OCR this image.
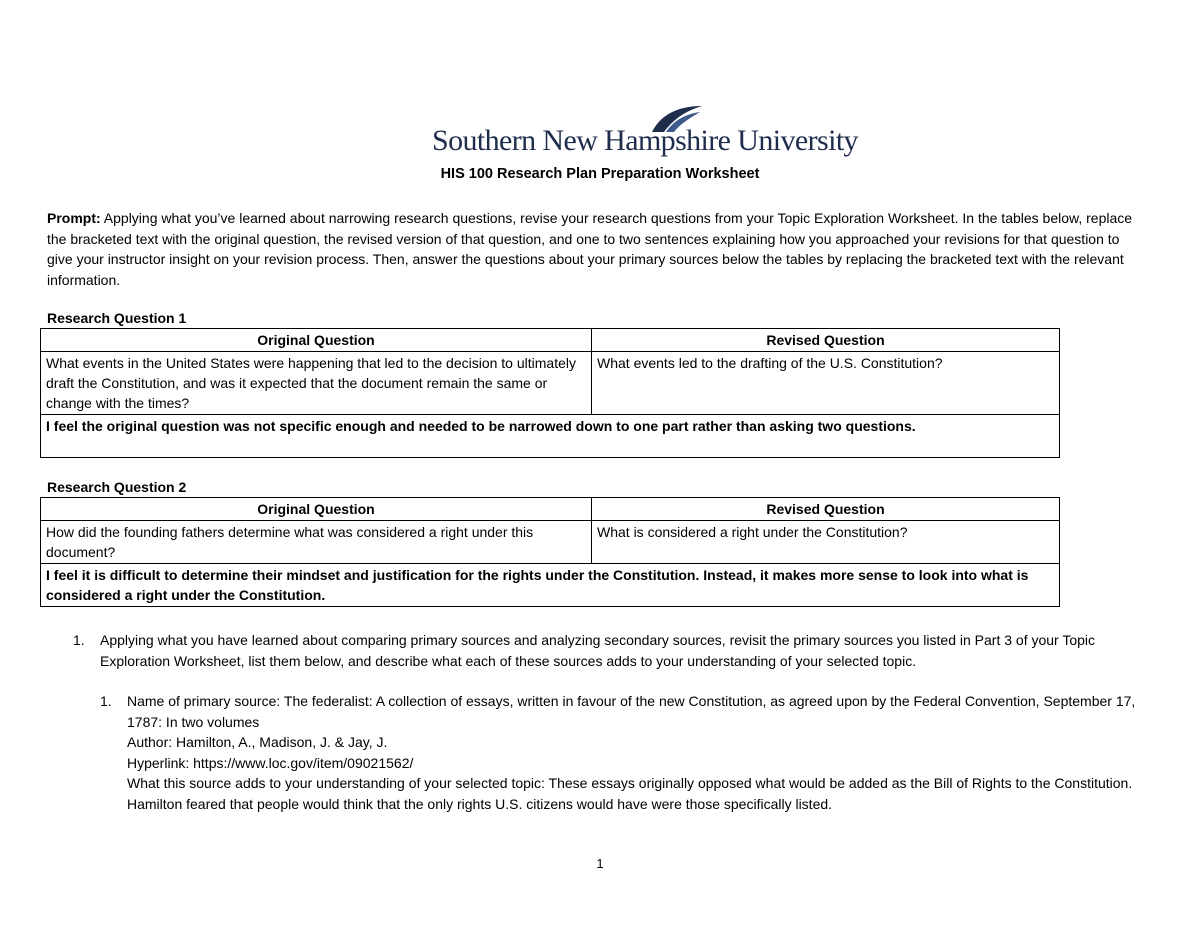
Southern New Hampshire University
HIS 100 Research Plan Preparation Worksheet
Prompt: Applying what you’ve learned about narrowing research questions, revise your research questions from your Topic Exploration Worksheet. In the tables below, replace the bracketed text with the original question, the revised version of that question, and one to two sentences explaining how you approached your revisions for that question to give your instructor insight on your revision process. Then, answer the questions about your primary sources below the tables by replacing the bracketed text with the relevant information.
Research Question 1
Original Question	Revised Question
What events in the United States were happening that led to the decision to ultimately draft the Constitution, and was it expected that the document remain the same or change with the times?	What events led to the drafting of the U.S. Constitution?
I feel the original question was not specific enough and needed to be narrowed down to one part rather than asking two questions.	
Research Question 2
Original Question	Revised Question
How did the founding fathers determine what was considered a right under this document?	What is considered a right under the Constitution?
I feel it is difficult to determine their mindset and justification for the rights under the Constitution. Instead, it makes more sense to look into what is considered a right under the Constitution.	
1. Applying what you have learned about comparing primary sources and analyzing secondary sources, revisit the primary sources you listed in Part 3 of your Topic Exploration Worksheet, list them below, and describe what each of these sources adds to your understanding of your selected topic.
1. Name of primary source: The federalist: A collection of essays, written in favour of the new Constitution, as agreed upon by the Federal Convention, September 17, 1787: In two volumes
Author: Hamilton, A., Madison, J. & Jay, J.
Hyperlink: https://www.loc.gov/item/09021562/
What this source adds to your understanding of your selected topic: These essays originally opposed what would be added as the Bill of Rights to the Constitution. Hamilton feared that people would think that the only rights U.S. citizens would have were those specifically listed.
1
